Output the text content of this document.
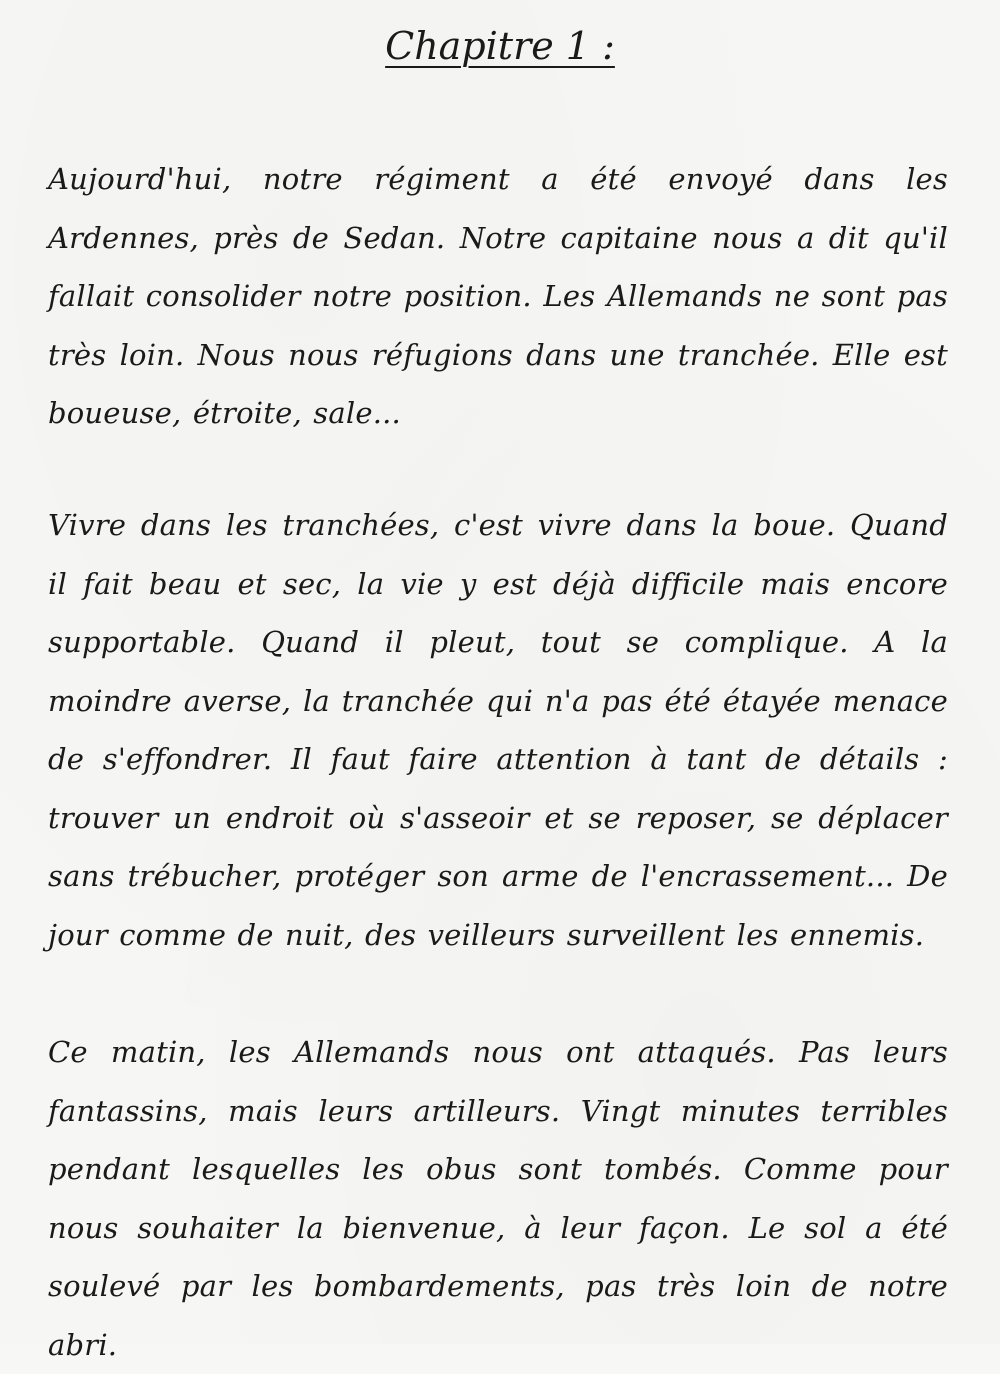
Chapitre 1 :

Aujourd'hui, notre régiment a été envoyé dans les Ardennes, près de Sedan. Notre capitaine nous a dit qu'il fallait consolider notre position. Les Allemands ne sont pas très loin. Nous nous réfugions dans une tranchée. Elle est boueuse, étroite, sale...

Vivre dans les tranchées, c'est vivre dans la boue. Quand il fait beau et sec, la vie y est déjà difficile mais encore supportable. Quand il pleut, tout se complique. A la moindre averse, la tranchée qui n'a pas été étayée menace de s'effondrer. Il faut faire attention à tant de détails : trouver un endroit où s'asseoir et se reposer, se déplacer sans trébucher, protéger son arme de l'encrassement... De jour comme de nuit, des veilleurs surveillent les ennemis.

Ce matin, les Allemands nous ont attaqués. Pas leurs fantassins, mais leurs artilleurs. Vingt minutes terribles pendant lesquelles les obus sont tombés. Comme pour nous souhaiter la bienvenue, à leur façon. Le sol a été soulevé par les bombardements, pas très loin de notre abri.
